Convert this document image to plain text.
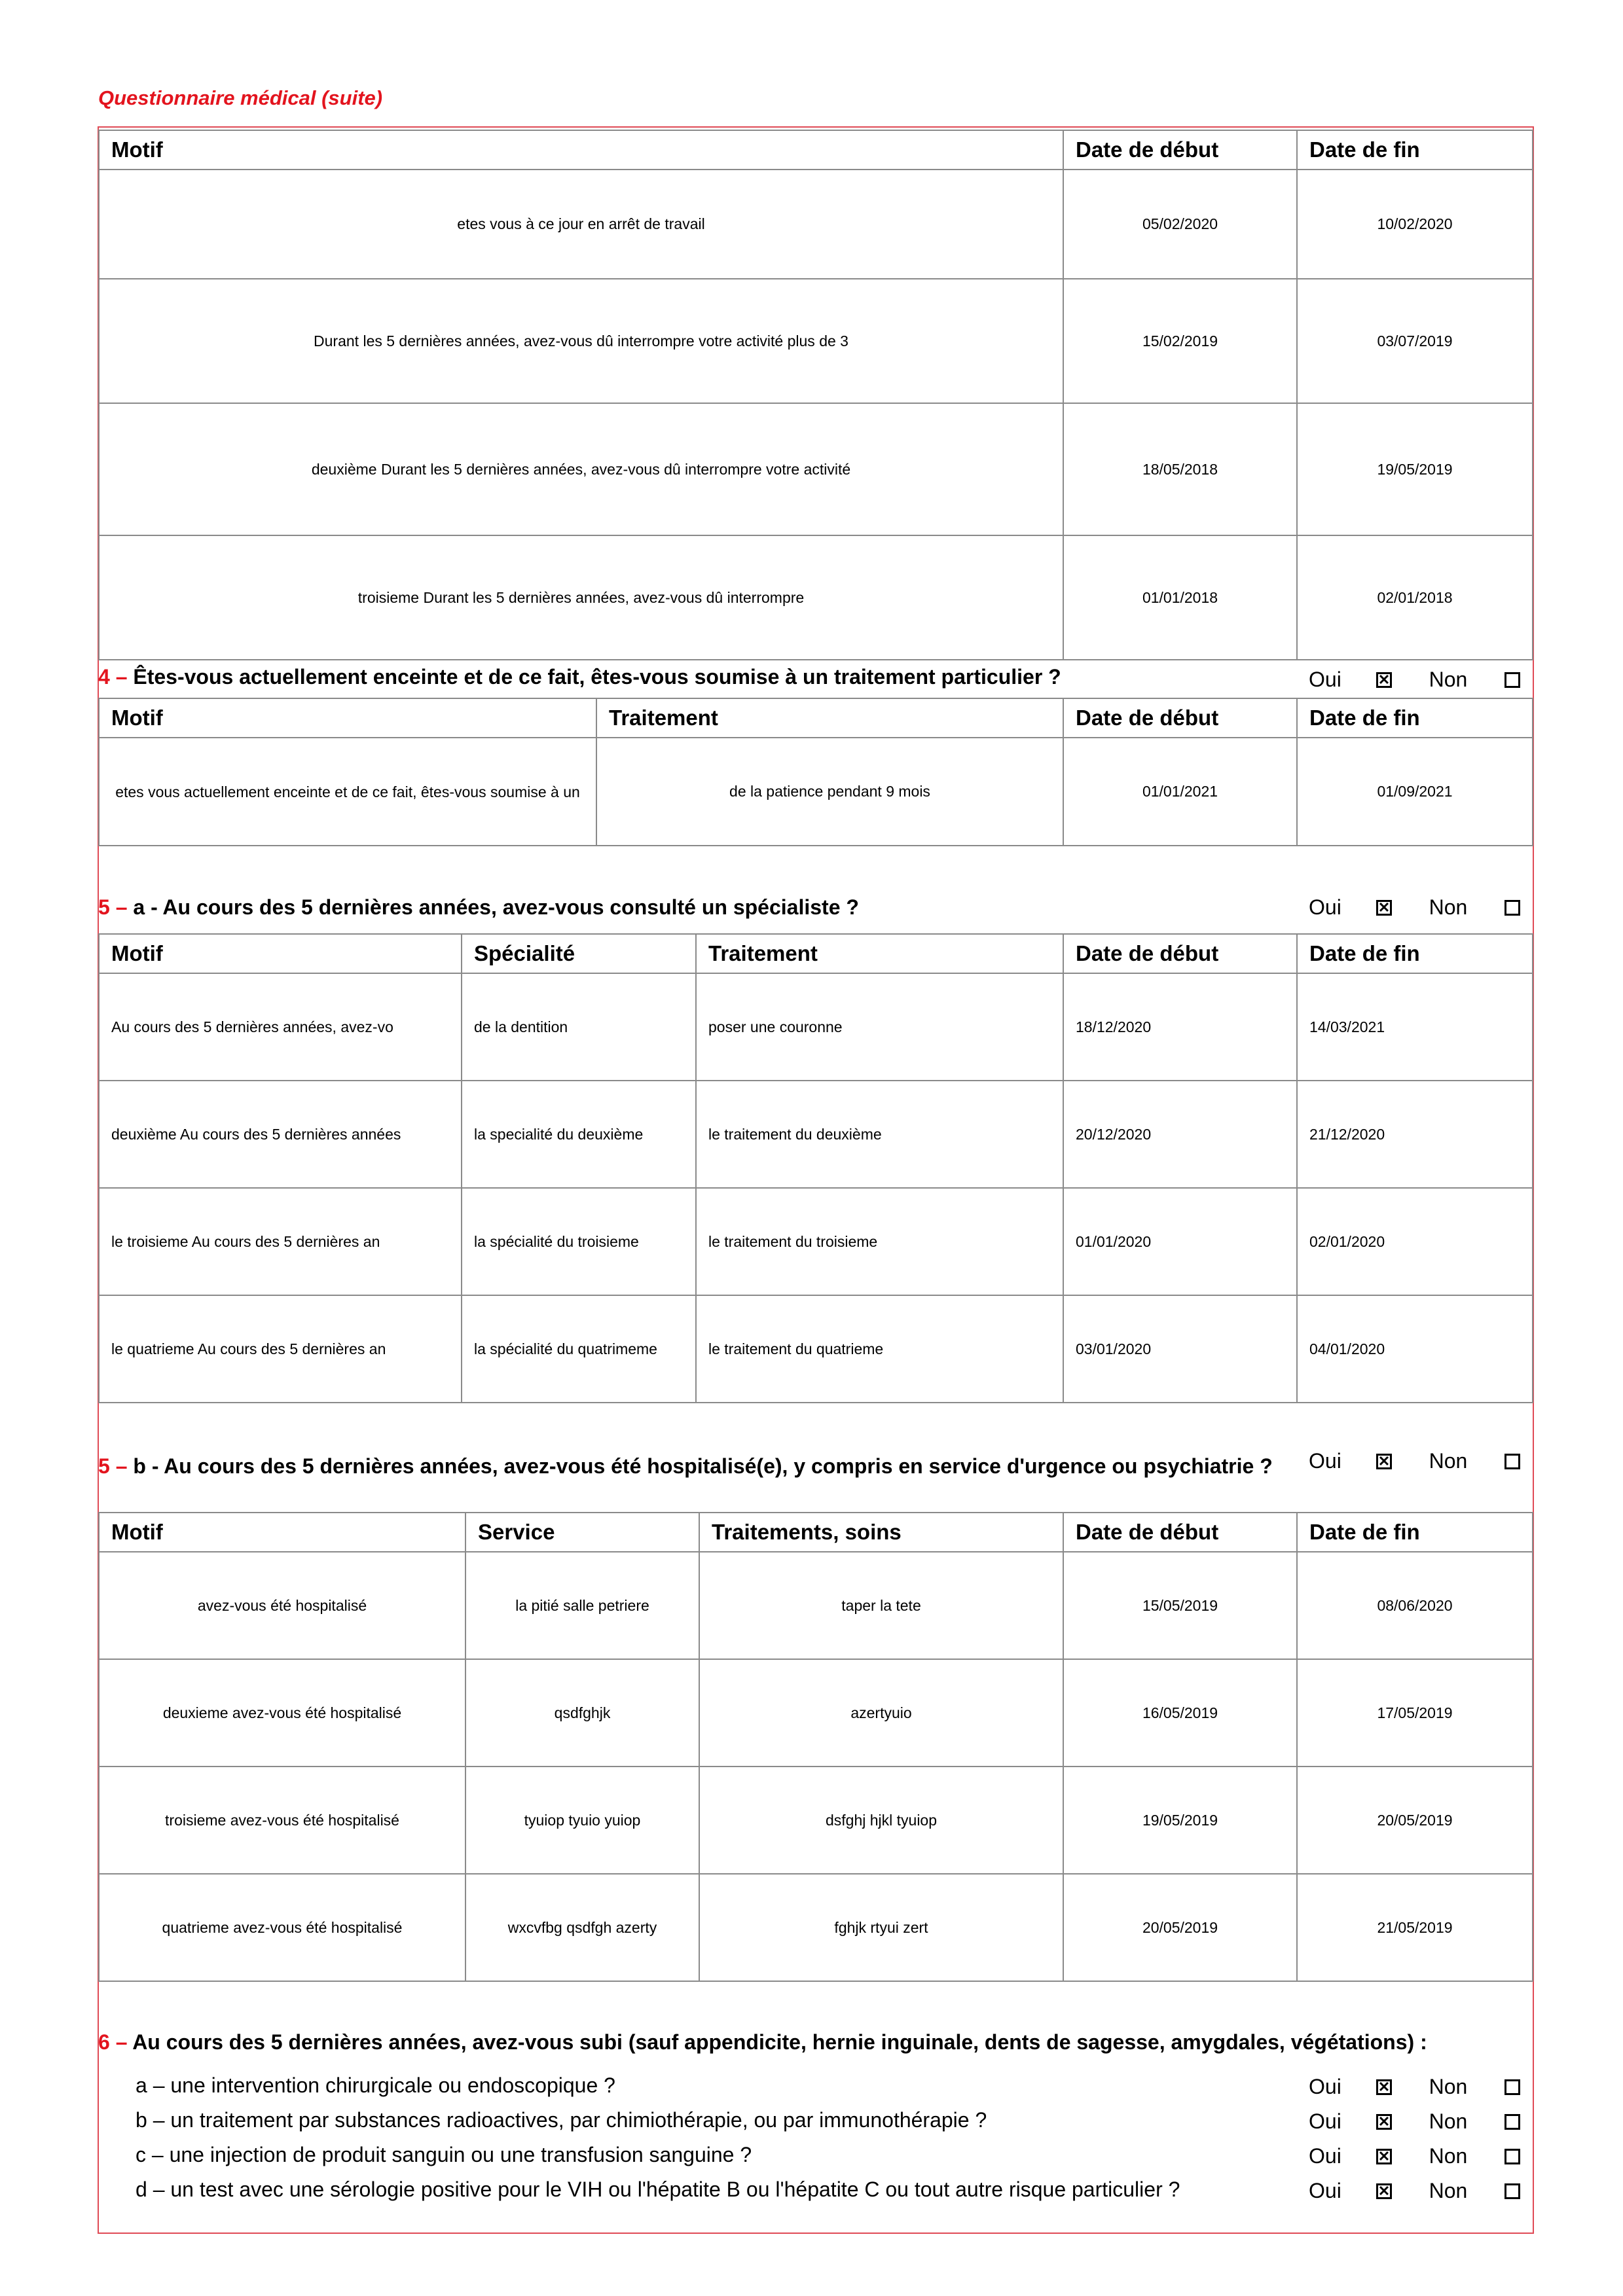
Questionnaire médical (suite)
Motif	Date de début	Date de fin
etes vous à ce jour en arrêt de travail	05/02/2020	10/02/2020
Durant les 5 dernières années, avez-vous dû interrompre votre activité plus de 3	15/02/2019	03/07/2019
deuxième Durant les 5 dernières années, avez-vous dû interrompre votre activité	18/05/2018	19/05/2019
troisieme Durant les 5 dernières années, avez-vous dû interrompre	01/01/2018	02/01/2018
4 – Êtes-vous actuellement enceinte et de ce fait, êtes-vous soumise à un traitement particulier ?	Oui	✕ Non
Motif	Traitement	Date de début	Date de fin
etes vous actuellement enceinte et de ce fait, êtes-vous soumise à un	de la patience pendant 9 mois	01/01/2021	01/09/2021
5 – a - Au cours des 5 dernières années, avez-vous consulté un spécialiste ?	Oui	✕ Non
Motif	Spécialité	Traitement	Date de début	Date de fin
Au cours des 5 dernières années, avez-vo	de la dentition	poser une couronne	18/12/2020	14/03/2021
deuxième Au cours des 5 dernières années	la specialité du deuxième	le traitement du deuxième	20/12/2020	21/12/2020
le troisieme Au cours des 5 dernières an	la spécialité du troisieme	le traitement du troisieme	01/01/2020	02/01/2020
le quatrieme Au cours des 5 dernières an	la spécialité du quatrimeme	le traitement du quatrieme	03/01/2020	04/01/2020
5 – b - Au cours des 5 dernières années, avez-vous été hospitalisé(e), y compris en service d'urgence ou psychiatrie ? Oui	✕ Non
Motif	Service	Traitements, soins	Date de début	Date de fin
avez-vous été hospitalisé	la pitié salle petriere	taper la tete	15/05/2019	08/06/2020
deuxieme avez-vous été hospitalisé	qsdfghjk	azertyuio	16/05/2019	17/05/2019
troisieme avez-vous été hospitalisé	tyuiop tyuio yuiop	dsfghj hjkl tyuiop	19/05/2019	20/05/2019
quatrieme avez-vous été hospitalisé	wxcvfbg qsdfgh azerty	fghjk rtyui zert	20/05/2019	21/05/2019
6 – Au cours des 5 dernières années, avez-vous subi (sauf appendicite, hernie inguinale, dents de sagesse, amygdales, végétations) :
a – une intervention chirurgicale ou endoscopique ?	Oui	✕ Non
b – un traitement par substances radioactives, par chimiothérapie, ou par immunothérapie ?	Oui	✕ Non
c – une injection de produit sanguin ou une transfusion sanguine ?	Oui	✕ Non
d – un test avec une sérologie positive pour le VIH ou l'hépatite B ou l'hépatite C ou tout autre risque particulier ?	Oui	✕ Non
